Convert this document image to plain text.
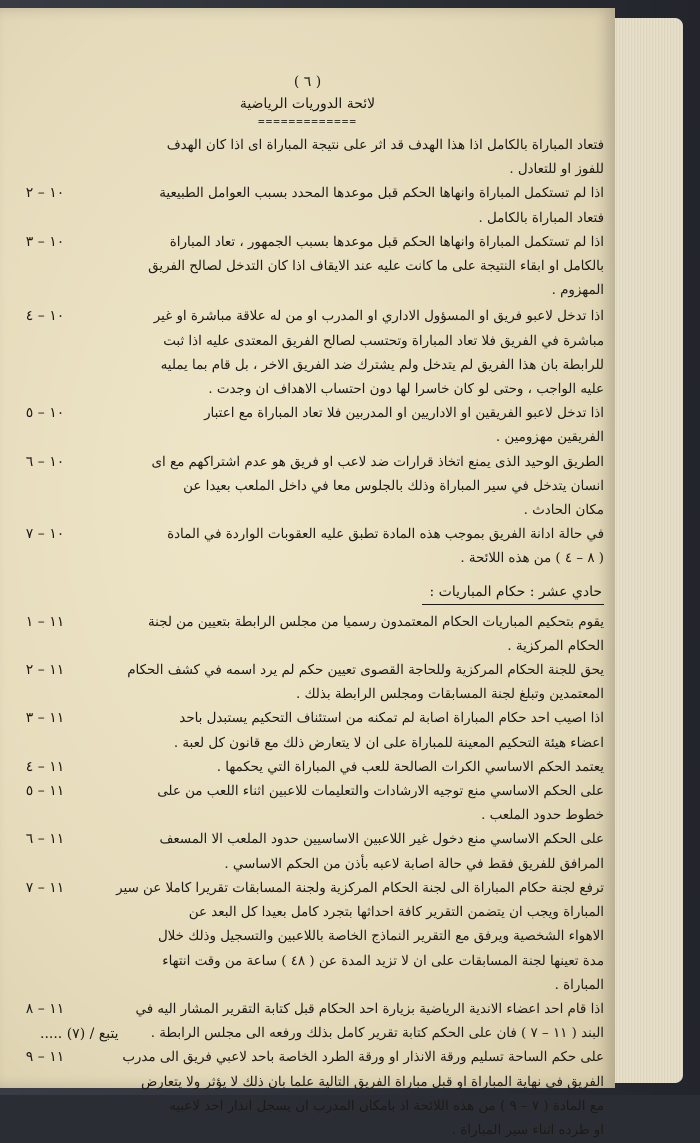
( ٦ )
لائحة الدوريات الرياضية
=============
فتعاد المباراة بالكامل اذا هذا الهدف قد اثر على نتيجة المباراة اى اذا كان الهدف
للفوز او للتعادل .
اذا لم تستكمل المباراة وانهاها الحكم قبل موعدها المحدد بسبب العوامل الطبيعية
فتعاد المباراة بالكامل .
١٠ – ٢
اذا لم تستكمل المباراة وانهاها الحكم قبل موعدها بسبب الجمهور ، تعاد المباراة
بالكامل او ابقاء النتيجة على ما كانت عليه عند الايقاف اذا كان التدخل لصالح الفريق
المهزوم .
١٠ – ٣
اذا تدخل لاعبو فريق او المسؤول الاداري او المدرب او من له علاقة مباشرة او غير
مباشرة في الفريق فلا تعاد المباراة وتحتسب لصالح الفريق المعتدى عليه اذا ثبت
للرابطة بان هذا الفريق لم يتدخل ولم يشترك ضد الفريق الاخر ، بل قام بما يمليه
عليه الواجب ، وحتى لو كان خاسرا لها دون احتساب الاهداف ان وجدت .
١٠ – ٤
اذا تدخل لاعبو الفريقين او الاداريين او المدربين فلا تعاد المباراة مع اعتبار
الفريقين مهزومين .
١٠ – ٥
الطريق الوحيد الذى يمنع اتخاذ قرارات ضد لاعب او فريق هو عدم اشتراكهم مع اى
انسان يتدخل في سير المباراة وذلك بالجلوس معا في داخل الملعب بعيدا عن
مكان الحادث .
١٠ – ٦
في حالة ادانة الفريق بموجب هذه المادة تطبق عليه العقوبات الواردة في المادة
( ٨ – ٤ ) من هذه اللائحة .
١٠ – ٧
حادي عشر : حكام المباريات :
يقوم بتحكيم المباريات الحكام المعتمدون رسميا من مجلس الرابطة بتعيين من لجنة
الحكام المركزية .
١١ – ١
يحق للجنة الحكام المركزية وللحاجة القصوى تعيين حكم لم يرد اسمه في كشف الحكام
المعتمدين وتبلغ لجنة المسابقات ومجلس الرابطة بذلك .
١١ – ٢
اذا اصيب احد حكام المباراة اصابة لم تمكنه من استئناف التحكيم يستبدل باحد
اعضاء هيئة التحكيم المعينة للمباراة على ان لا يتعارض ذلك مع قانون كل لعبة .
١١ – ٣
يعتمد الحكم الاساسي الكرات الصالحة للعب في المباراة التي يحكمها .
١١ – ٤
على الحكم الاساسي منع توجيه الارشادات والتعليمات للاعبين اثناء اللعب من على
خطوط حدود الملعب .
١١ – ٥
على الحكم الاساسي منع دخول غير اللاعبين الاساسيين حدود الملعب الا المسعف
المرافق للفريق فقط في حالة اصابة لاعبه بأذن من الحكم الاساسي .
١١ – ٦
ترفع لجنة حكام المباراة الى لجنة الحكام المركزية ولجنة المسابقات تقريرا كاملا عن سير
المباراة ويجب ان يتضمن التقرير كافة احداثها بتجرد كامل بعيدا كل البعد عن
الاهواء الشخصية ويرفق مع التقرير النماذج الخاصة باللاعبين والتسجيل وذلك خلال
مدة تعينها لجنة المسابقات على ان لا تزيد المدة عن ( ٤٨ ) ساعة من وقت انتهاء
المباراة .
١١ – ٧
اذا قام احد اعضاء الاندية الرياضية بزيارة احد الحكام قبل كتابة التقرير المشار اليه في
البند ( ١١ – ٧ ) فان على الحكم كتابة تقرير كامل بذلك ورفعه الى مجلس الرابطة .
١١ – ٨
على حكم الساحة تسليم ورقة الانذار او ورقة الطرد الخاصة باحد لاعبي فريق الى مدرب
الفريق في نهاية المباراة او قبل مباراة الفريق التالية علما بان ذلك لا يؤثر ولا يتعارض
مع المادة ( ٧ – ٩ ) من هذه اللائحة اذ بامكان المدرب ان يسجل انذار احد لاعبيه
او طرده اثناء سير المباراة .
١١ – ٩
يتبع / (٧) .....
